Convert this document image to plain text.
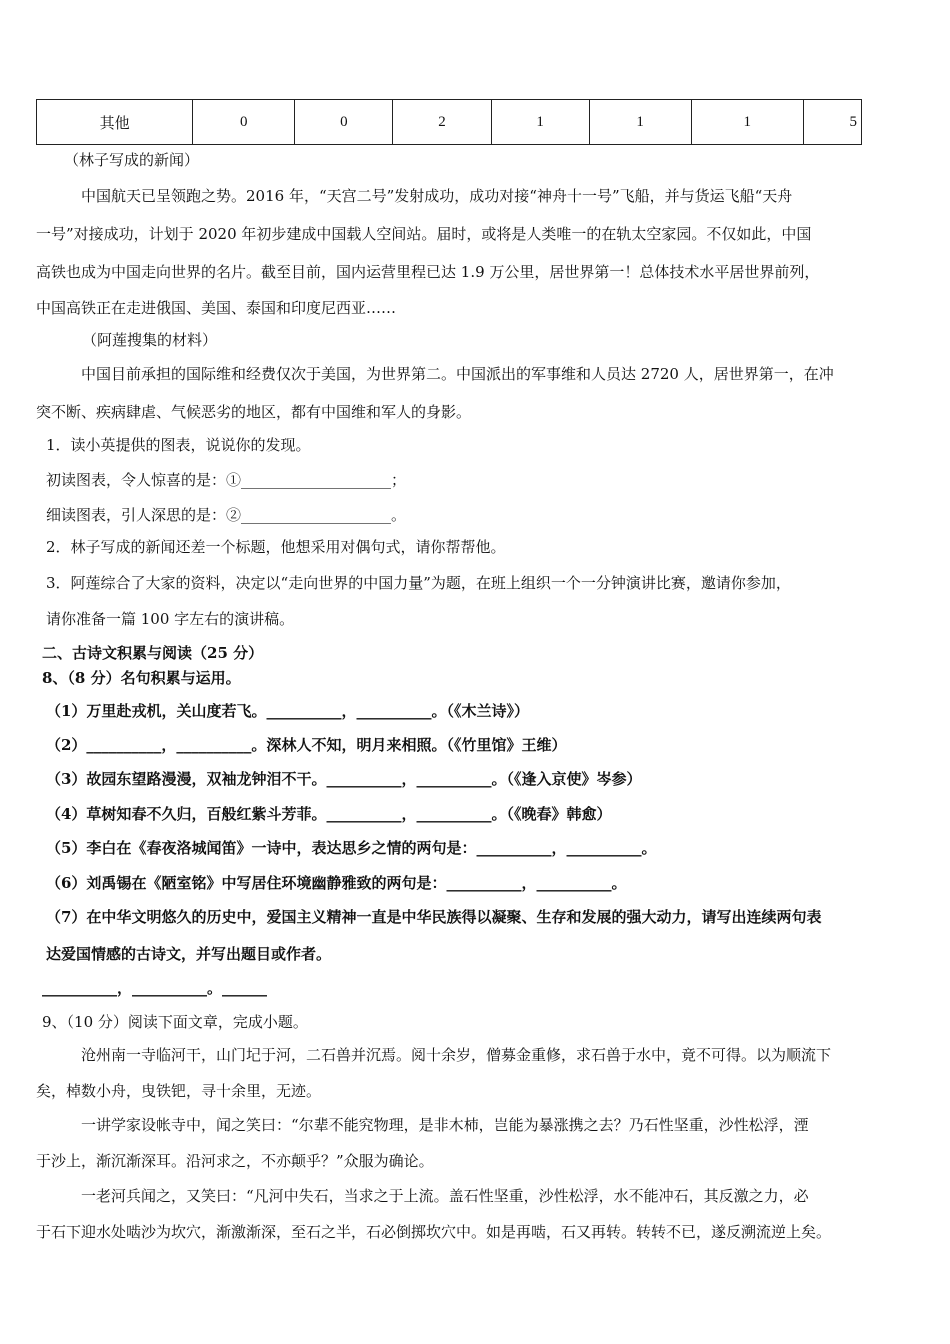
其他	0	0	2	1	1	1	5
（林子写成的新闻）
中国航天已呈领跑之势。2016 年，“天宫二号”发射成功，成功对接“神舟十一号”飞船，并与货运飞船“天舟
一号”对接成功，计划于 2020 年初步建成中国载人空间站。届时，或将是人类唯一的在轨太空家园。不仅如此，中国
高铁也成为中国走向世界的名片。截至目前，国内运营里程已达 1.9 万公里，居世界第一！总体技术水平居世界前列，
中国高铁正在走进俄国、美国、泰国和印度尼西亚……
（阿莲搜集的材料）
中国目前承担的国际维和经费仅次于美国，为世界第二。中国派出的军事维和人员达 2720 人，居世界第一，在冲
突不断、疾病肆虐、气候恶劣的地区，都有中国维和军人的身影。
1．读小英提供的图表，说说你的发现。
初读图表，令人惊喜的是：①____________________；
细读图表，引人深思的是：②____________________。
2．林子写成的新闻还差一个标题，他想采用对偶句式，请你帮帮他。
3．阿莲综合了大家的资料，决定以“走向世界的中国力量”为题，在班上组织一个一分钟演讲比赛，邀请你参加，
请你准备一篇 100 字左右的演讲稿。
二、古诗文积累与阅读（25 分）
8、（8 分）名句积累与运用。
（1）万里赴戎机，关山度若飞。__________，__________。（《木兰诗》）
（2）__________，__________。深林人不知，明月来相照。（《竹里馆》王维）
（3）故园东望路漫漫，双袖龙钟泪不干。__________，__________。（《逢入京使》岑参）
（4）草树知春不久归，百般红紫斗芳菲。__________，__________。（《晚春》韩愈）
（5）李白在《春夜洛城闻笛》一诗中，表达思乡之情的两句是：__________，__________。
（6）刘禹锡在《陋室铭》中写居住环境幽静雅致的两句是：__________，__________。
（7）在中华文明悠久的历史中，爱国主义精神一直是中华民族得以凝聚、生存和发展的强大动力，请写出连续两句表
达爱国情感的古诗文，并写出题目或作者。
__________，__________。______
9、（10 分）阅读下面文章，完成小题。
沧州南一寺临河干，山门圮于河，二石兽并沉焉。阅十余岁，僧募金重修，求石兽于水中，竟不可得。以为顺流下
矣，棹数小舟，曳铁钯，寻十余里，无迹。
一讲学家设帐寺中，闻之笑曰：“尔辈不能究物理，是非木杮，岂能为暴涨携之去？乃石性坚重，沙性松浮，湮
于沙上，渐沉渐深耳。沿河求之，不亦颠乎？”众服为确论。
一老河兵闻之，又笑曰：“凡河中失石，当求之于上流。盖石性坚重，沙性松浮，水不能冲石，其反激之力，必
于石下迎水处啮沙为坎穴，渐激渐深，至石之半，石必倒掷坎穴中。如是再啮，石又再转。转转不已，遂反溯流逆上矣。
